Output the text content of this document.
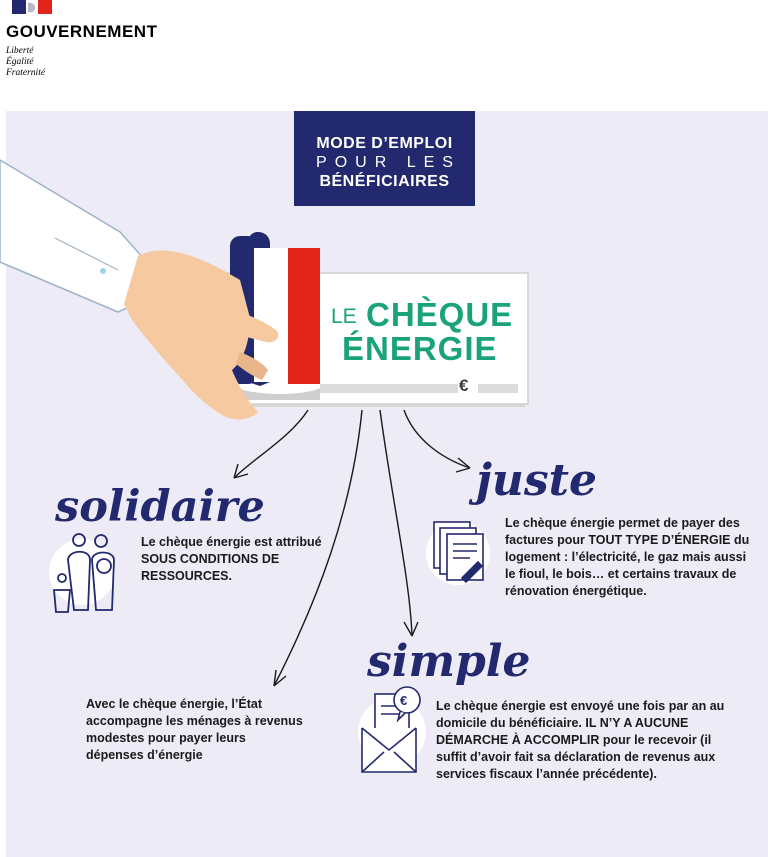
GOUVERNEMENT
Liberté
Égalité
Fraternité
MODE D’EMPLOI
POUR LES
BÉNÉFICIAIRES
LE CHÈQUE
ÉNERGIE
€
€
solidaire
juste
simple
Le chèque énergie est attribué SOUS CONDITIONS DE RESSOURCES.
Le chèque énergie permet de payer des factures pour TOUT TYPE D’ÉNERGIE du logement : l’électricité, le gaz mais aussi le fioul, le bois… et certains travaux de rénovation énergétique.
Avec le chèque énergie, l’État accompagne les ménages à revenus modestes pour payer leurs dépenses d’énergie
Le chèque énergie est envoyé une fois par an au domicile du bénéficiaire. IL N’Y A AUCUNE DÉMARCHE À ACCOMPLIR pour le recevoir (il suffit d’avoir fait sa déclaration de revenus aux services fiscaux l’année précédente).
